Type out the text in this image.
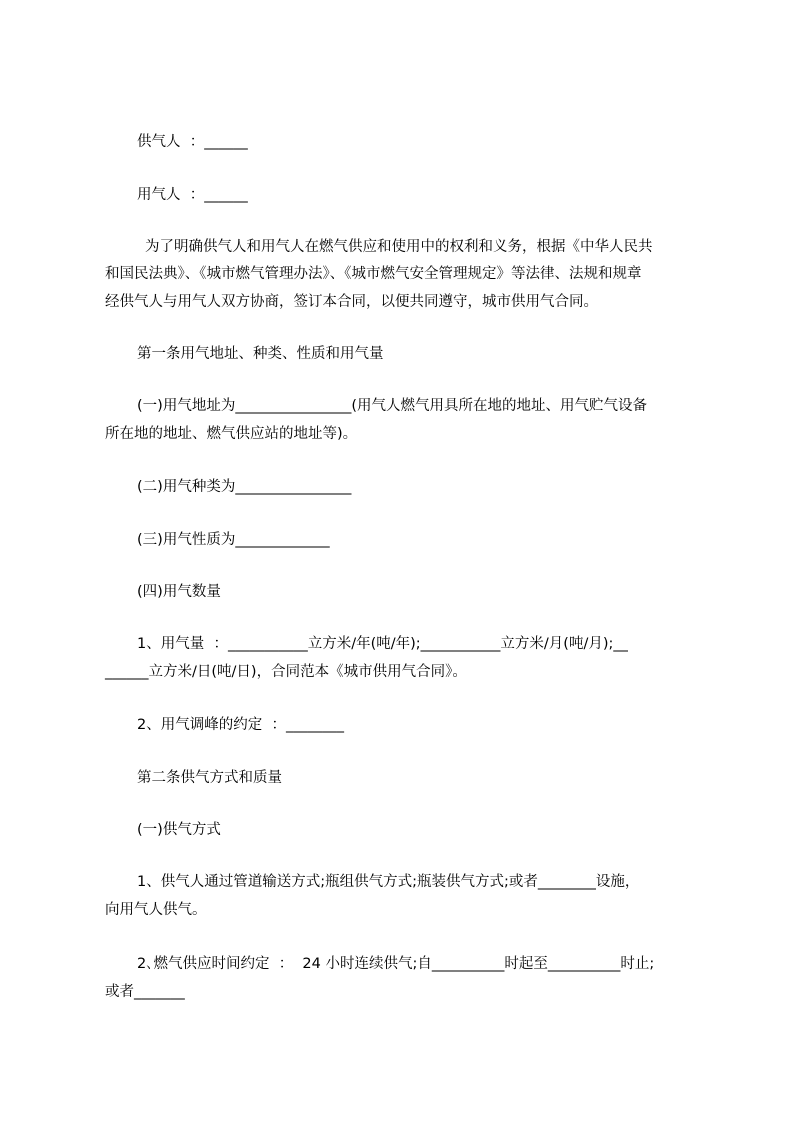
供气人  ：______
用气人  ：______
为了明确供气人和用气人在燃气供应和使用中的权利和义务，根据《中华人民共
和国民法典》、《城市燃气管理办法》、《城市燃气安全管理规定》等法律、法规和规章
经供气人与用气人双方协商，签订本合同，以便共同遵守，城市供用气合同。
第一条用气地址、种类、性质和用气量
(一)用气地址为________________(用气人燃气用具所在地的地址、用气贮气设备
所在地的地址、燃气供应站的地址等)。
(二)用气种类为________________
(三)用气性质为_____________
(四)用气数量
1、用气量  ：___________立方米/年(吨/年);___________立方米/月(吨/月);__
______立方米/日(吨/日)，合同范本《城市供用气合同》。
2、用气调峰的约定  ：________
第二条供气方式和质量
(一)供气方式
1、供气人通过管道输送方式;瓶组供气方式;瓶装供气方式;或者________设施，
向用气人供气。
2､燃气供应时间约定  ：  24 小时连续供气;自__________时起至__________时止;
或者_______
